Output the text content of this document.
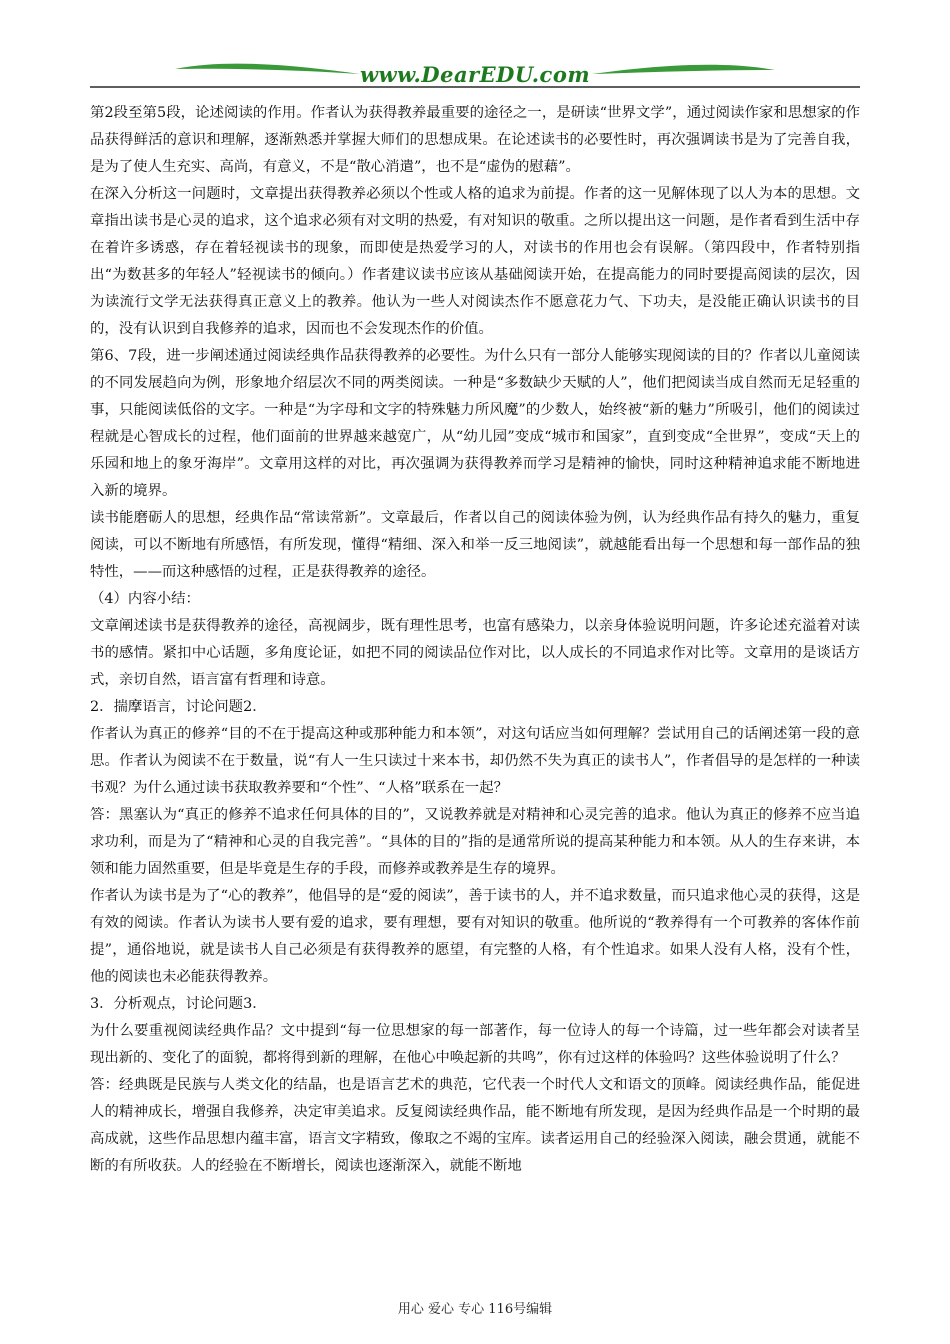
www.DearEDU.com

第2段至第5段，论述阅读的作用。作者认为获得教养最重要的途径之一，是研读“世界文学”，通过阅读作家和思想家的作品获得鲜活的意识和理解，逐渐熟悉并掌握大师们的思想成果。在论述读书的必要性时，再次强调读书是为了完善自我，是为了使人生充实、高尚，有意义，不是“散心消遣”，也不是“虚伪的慰藉”。

在深入分析这一问题时，文章提出获得教养必须以个性或人格的追求为前提。作者的这一见解体现了以人为本的思想。文章指出读书是心灵的追求，这个追求必须有对文明的热爱，有对知识的敬重。之所以提出这一问题，是作者看到生活中存在着许多诱惑，存在着轻视读书的现象，而即使是热爱学习的人，对读书的作用也会有误解。（第四段中，作者特别指出“为数甚多的年轻人”轻视读书的倾向。）作者建议读书应该从基础阅读开始，在提高能力的同时要提高阅读的层次，因为读流行文学无法获得真正意义上的教养。他认为一些人对阅读杰作不愿意花力气、下功夫，是没能正确认识读书的目的，没有认识到自我修养的追求，因而也不会发现杰作的价值。

第6、7段，进一步阐述通过阅读经典作品获得教养的必要性。为什么只有一部分人能够实现阅读的目的？作者以儿童阅读的不同发展趋向为例，形象地介绍层次不同的两类阅读。一种是“多数缺少天赋的人”，他们把阅读当成自然而无足轻重的事，只能阅读低俗的文字。一种是“为字母和文字的特殊魅力所风魔”的少数人，始终被“新的魅力”所吸引，他们的阅读过程就是心智成长的过程，他们面前的世界越来越宽广，从“幼儿园”变成“城市和国家”，直到变成“全世界”，变成“天上的乐园和地上的象牙海岸”。文章用这样的对比，再次强调为获得教养而学习是精神的愉快，同时这种精神追求能不断地进入新的境界。

读书能磨砺人的思想，经典作品“常读常新”。文章最后，作者以自己的阅读体验为例，认为经典作品有持久的魅力，重复阅读，可以不断地有所感悟，有所发现，懂得“精细、深入和举一反三地阅读”，就越能看出每一个思想和每一部作品的独特性，——而这种感悟的过程，正是获得教养的途径。

（4）内容小结：

文章阐述读书是获得教养的途径，高视阔步，既有理性思考，也富有感染力，以亲身体验说明问题，许多论述充溢着对读书的感情。紧扣中心话题，多角度论证，如把不同的阅读品位作对比，以人成长的不同追求作对比等。文章用的是谈话方式，亲切自然，语言富有哲理和诗意。

2．揣摩语言，讨论问题2．

作者认为真正的修养“目的不在于提高这种或那种能力和本领”，对这句话应当如何理解？尝试用自己的话阐述第一段的意思。作者认为阅读不在于数量，说“有人一生只读过十来本书，却仍然不失为真正的读书人”，作者倡导的是怎样的一种读书观？为什么通过读书获取教养要和“个性”、“人格”联系在一起？

答：黑塞认为“真正的修养不追求任何具体的目的”，又说教养就是对精神和心灵完善的追求。他认为真正的修养不应当追求功利，而是为了“精神和心灵的自我完善”。“具体的目的”指的是通常所说的提高某种能力和本领。从人的生存来讲，本领和能力固然重要，但是毕竟是生存的手段，而修养或教养是生存的境界。

作者认为读书是为了“心的教养”，他倡导的是“爱的阅读”，善于读书的人，并不追求数量，而只追求他心灵的获得，这是有效的阅读。作者认为读书人要有爱的追求，要有理想，要有对知识的敬重。他所说的“教养得有一个可教养的客体作前提”，通俗地说，就是读书人自己必须是有获得教养的愿望，有完整的人格，有个性追求。如果人没有人格，没有个性，他的阅读也未必能获得教养。

3．分析观点，讨论问题3．

为什么要重视阅读经典作品？文中提到“每一位思想家的每一部著作，每一位诗人的每一个诗篇，过一些年都会对读者呈现出新的、变化了的面貌，都将得到新的理解，在他心中唤起新的共鸣”，你有过这样的体验吗？这些体验说明了什么？

答：经典既是民族与人类文化的结晶，也是语言艺术的典范，它代表一个时代人文和语文的顶峰。阅读经典作品，能促进人的精神成长，增强自我修养，决定审美追求。反复阅读经典作品，能不断地有所发现，是因为经典作品是一个时期的最高成就，这些作品思想内蕴丰富，语言文字精致，像取之不竭的宝库。读者运用自己的经验深入阅读，融会贯通，就能不断的有所收获。人的经验在不断增长，阅读也逐渐深入，就能不断地

用心 爱心 专心 116号编辑
